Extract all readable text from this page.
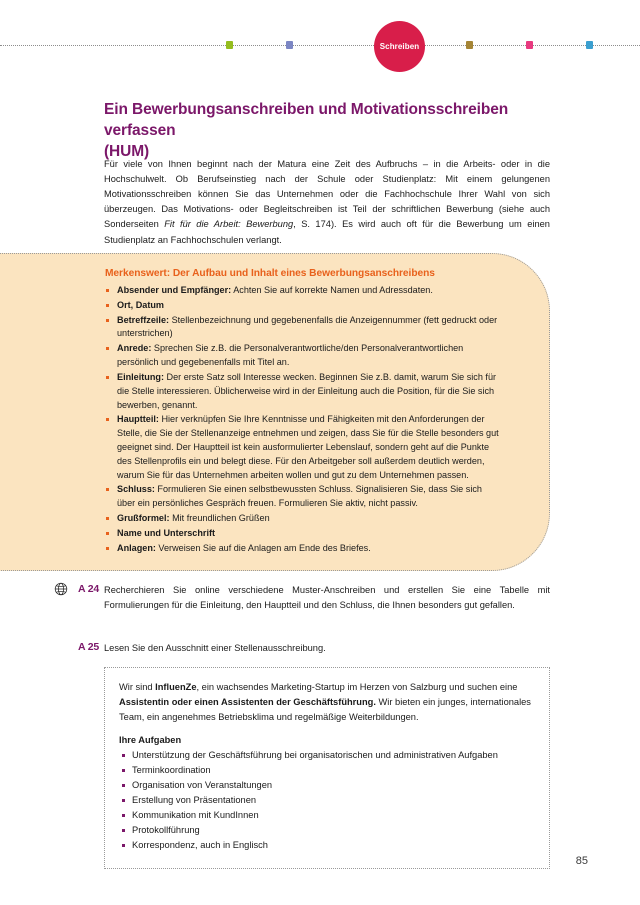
Schreiben
Ein Bewerbungsanschreiben und Motivationsschreiben verfassen
(HUM)

Für viele von Ihnen beginnt nach der Matura eine Zeit des Aufbruchs – in die Arbeits- oder in die Hochschulwelt. Ob Berufseinstieg nach der Schule oder Studienplatz: Mit einem gelungenen Motivationsschreiben können Sie das Unternehmen oder die Fachhochschule Ihrer Wahl von sich überzeugen. Das Motivations- oder Begleitschreiben ist Teil der schriftlichen Bewerbung (siehe auch Sonderseiten Fit für die Arbeit: Bewerbung, S. 174). Es wird auch oft für die Bewerbung um einen Studienplatz an Fachhochschulen verlangt.

Merkenswert: Der Aufbau und Inhalt eines Bewerbungsanschreibens

Absender und Empfänger: Achten Sie auf korrekte Namen und Adressdaten.
Ort, Datum
Betreffzeile: Stellenbezeichnung und gegebenenfalls die Anzeigennummer (fett gedruckt oder unterstrichen)
Anrede: Sprechen Sie z.B. die Personalverantwortliche/den Personalverantwortlichen persönlich und gegebenenfalls mit Titel an.
Einleitung: Der erste Satz soll Interesse wecken. Beginnen Sie z.B. damit, warum Sie sich für die Stelle interessieren. Üblicherweise wird in der Einleitung auch die Position, für die Sie sich bewerben, genannt.
Hauptteil: Hier verknüpfen Sie Ihre Kenntnisse und Fähigkeiten mit den Anforderungen der Stelle, die Sie der Stellenanzeige entnehmen und zeigen, dass Sie für die Stelle besonders gut geeignet sind. Der Hauptteil ist kein ausformulierter Lebenslauf, sondern geht auf die Punkte des Stellenprofils ein und belegt diese. Für den Arbeitgeber soll außerdem deutlich werden, warum Sie für das Unternehmen arbeiten wollen und gut zu dem Unternehmen passen.
Schluss: Formulieren Sie einen selbstbewussten Schluss. Signalisieren Sie, dass Sie sich über ein persönliches Gespräch freuen. Formulieren Sie aktiv, nicht passiv.
Grußformel: Mit freundlichen Grüßen
Name und Unterschrift
Anlagen: Verweisen Sie auf die Anlagen am Ende des Briefes.
A 24 Recherchieren Sie online verschiedene Muster-Anschreiben und erstellen Sie eine Tabelle mit Formulierungen für die Einleitung, den Hauptteil und den Schluss, die Ihnen besonders gut gefallen.
A 25 Lesen Sie den Ausschnitt einer Stellenausschreibung.

Wir sind InfluenZe, ein wachsendes Marketing-Startup im Herzen von Salzburg und suchen eine Assistentin oder einen Assistenten der Geschäftsführung. Wir bieten ein junges, internationales Team, ein angenehmes Betriebsklima und regelmäßige Weiterbildungen.

Ihre Aufgaben

Unterstützung der Geschäftsführung bei organisatorischen und administrativen Aufgaben
Terminkoordination
Organisation von Veranstaltungen
Erstellung von Präsentationen
Kommunikation mit KundInnen
Protokollführung
Korrespondenz, auch in Englisch
85
